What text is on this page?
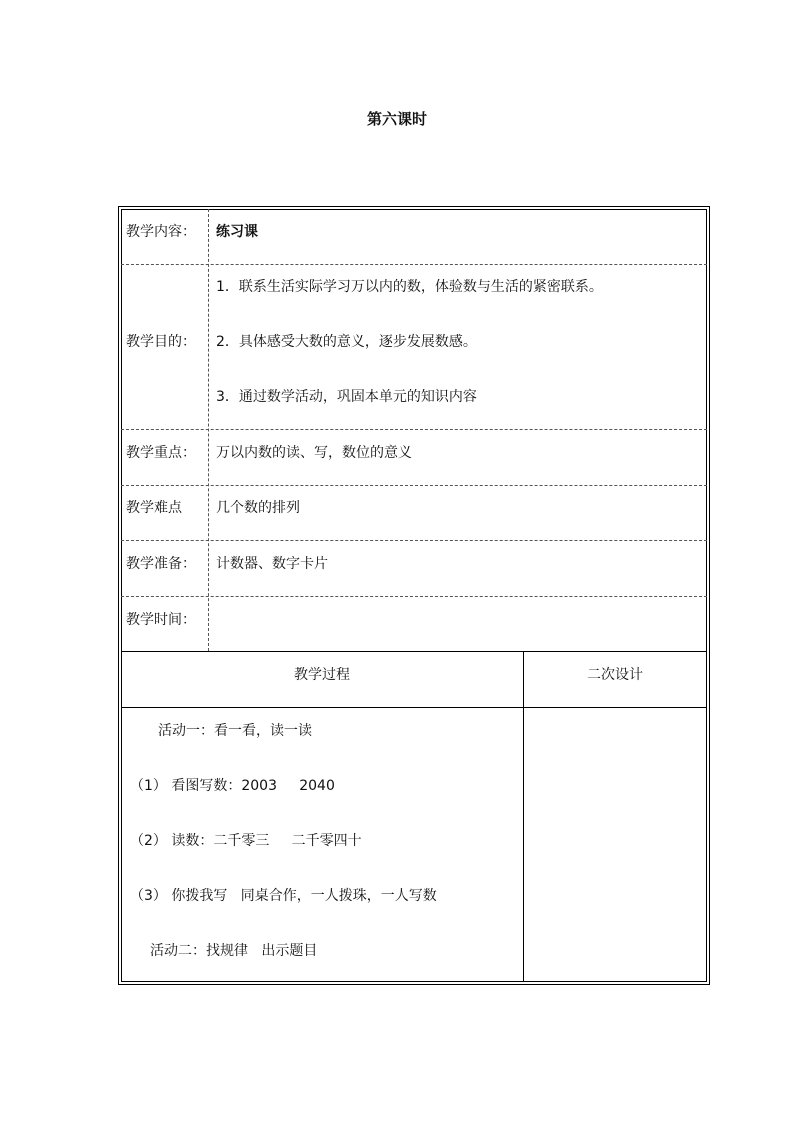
第六课时
教学内容：
教学目的：
教学重点：
教学难点
教学准备：
教学时间：
练习课
1．联系生活实际学习万以内的数，体验数与生活的紧密联系。
2．具体感受大数的意义，逐步发展数感。
3．通过数学活动，巩固本单元的知识内容
万以内数的读、写，数位的意义
几个数的排列
计数器、数字卡片
教学过程	二次设计
活动一：看一看，读一读
（1） 看图写数：2003     2040
（2） 读数：二千零三     二千零四十
（3） 你拨我写   同桌合作，一人拨珠，一人写数
活动二：找规律   出示题目
